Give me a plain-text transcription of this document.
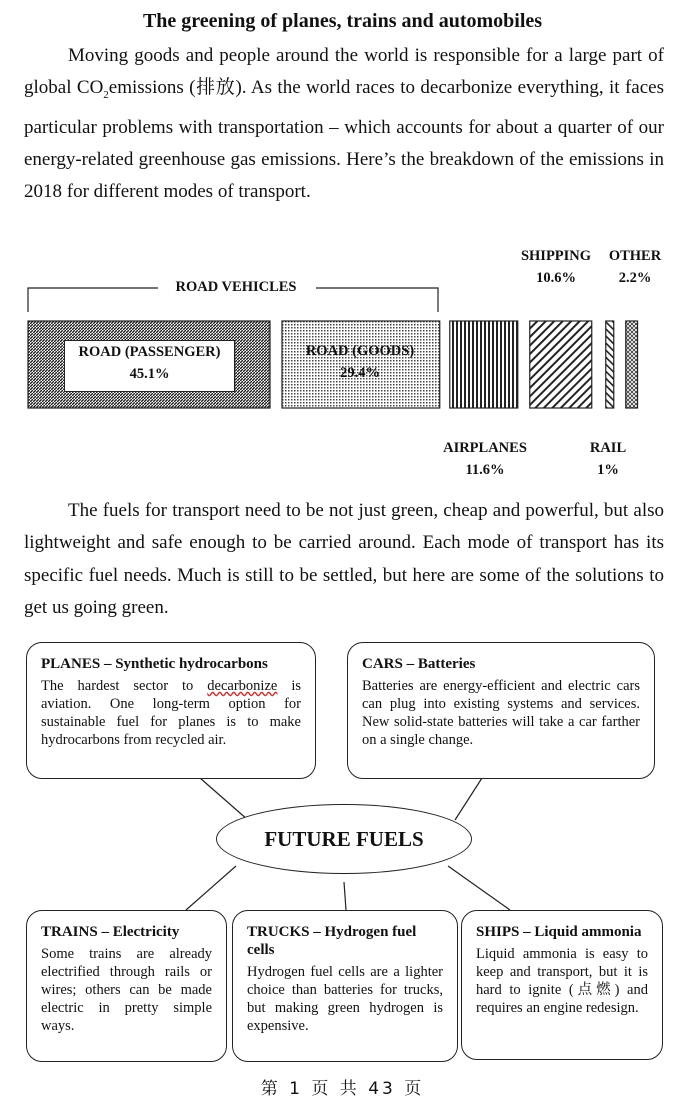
The greening of planes, trains and automobiles

Moving goods and people around the world is responsible for a large part of global $CO_2emissions$ (排放). As the world races to decarbonize everything, it faces particular problems with transportation – which accounts for about a quarter of our energy-related greenhouse gas emissions. Here’s the breakdown of the emissions in 2018 for different modes of transport.

ROAD VEHICLES
ROAD (PASSENGER)
45.1%
ROAD (GOODS)
29.4%
AIRPLANES
11.6%
SHIPPING
10.6%
RAIL
1%
OTHER
2.2%

The fuels for transport need to be not just green, cheap and powerful, but also lightweight and safe enough to be carried around. Each mode of transport has its specific fuel needs. Much is still to be settled, but here are some of the solutions to get us going green.

PLANES – Synthetic hydrocarbons
The hardest sector to decarbonize is aviation. One long-term option for sustainable fuel for planes is to make hydrocarbons from recycled air.
CARS – Batteries
Batteries are energy-efficient and electric cars can plug into existing systems and services. New solid-state batteries will take a car farther on a single change.
FUTURE FUELS
TRAINS – Electricity
Some trains are already electrified through rails or wires; others can be made electric in pretty simple ways.
TRUCKS – Hydrogen fuel cells
Hydrogen fuel cells are a lighter choice than batteries for trucks, but making green hydrogen is expensive.
SHIPS – Liquid ammonia
Liquid ammonia is easy to keep and transport, but it is hard to ignite (点燃) and requires an engine redesign.
第 1 页 共 43 页
